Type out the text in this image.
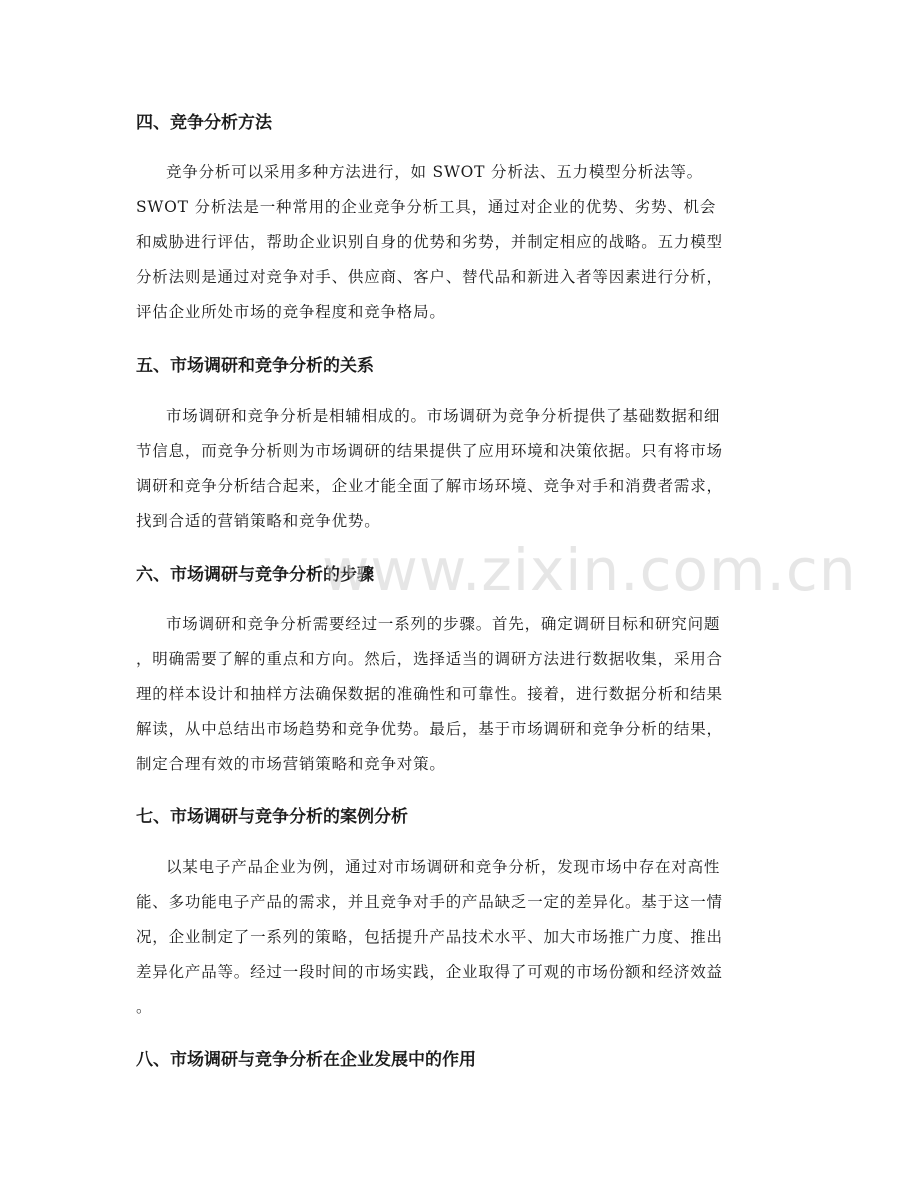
四、竞争分析方法

竞争分析可以采用多种方法进行，如 SWOT 分析法、五力模型分析法等。

SWOT 分析法是一种常用的企业竞争分析工具，通过对企业的优势、劣势、机会

和威胁进行评估，帮助企业识别自身的优势和劣势，并制定相应的战略。五力模型

分析法则是通过对竞争对手、供应商、客户、替代品和新进入者等因素进行分析，

评估企业所处市场的竞争程度和竞争格局。

五、市场调研和竞争分析的关系

市场调研和竞争分析是相辅相成的。市场调研为竞争分析提供了基础数据和细

节信息，而竞争分析则为市场调研的结果提供了应用环境和决策依据。只有将市场

调研和竞争分析结合起来，企业才能全面了解市场环境、竞争对手和消费者需求，

找到合适的营销策略和竞争优势。

六、市场调研与竞争分析的步骤

市场调研和竞争分析需要经过一系列的步骤。首先，确定调研目标和研究问题

，明确需要了解的重点和方向。然后，选择适当的调研方法进行数据收集，采用合

理的样本设计和抽样方法确保数据的准确性和可靠性。接着，进行数据分析和结果

解读，从中总结出市场趋势和竞争优势。最后，基于市场调研和竞争分析的结果，

制定合理有效的市场营销策略和竞争对策。

七、市场调研与竞争分析的案例分析

以某电子产品企业为例，通过对市场调研和竞争分析，发现市场中存在对高性

能、多功能电子产品的需求，并且竞争对手的产品缺乏一定的差异化。基于这一情

况，企业制定了一系列的策略，包括提升产品技术水平、加大市场推广力度、推出

差异化产品等。经过一段时间的市场实践，企业取得了可观的市场份额和经济效益

。

八、市场调研与竞争分析在企业发展中的作用
www.zixin.com.cn
